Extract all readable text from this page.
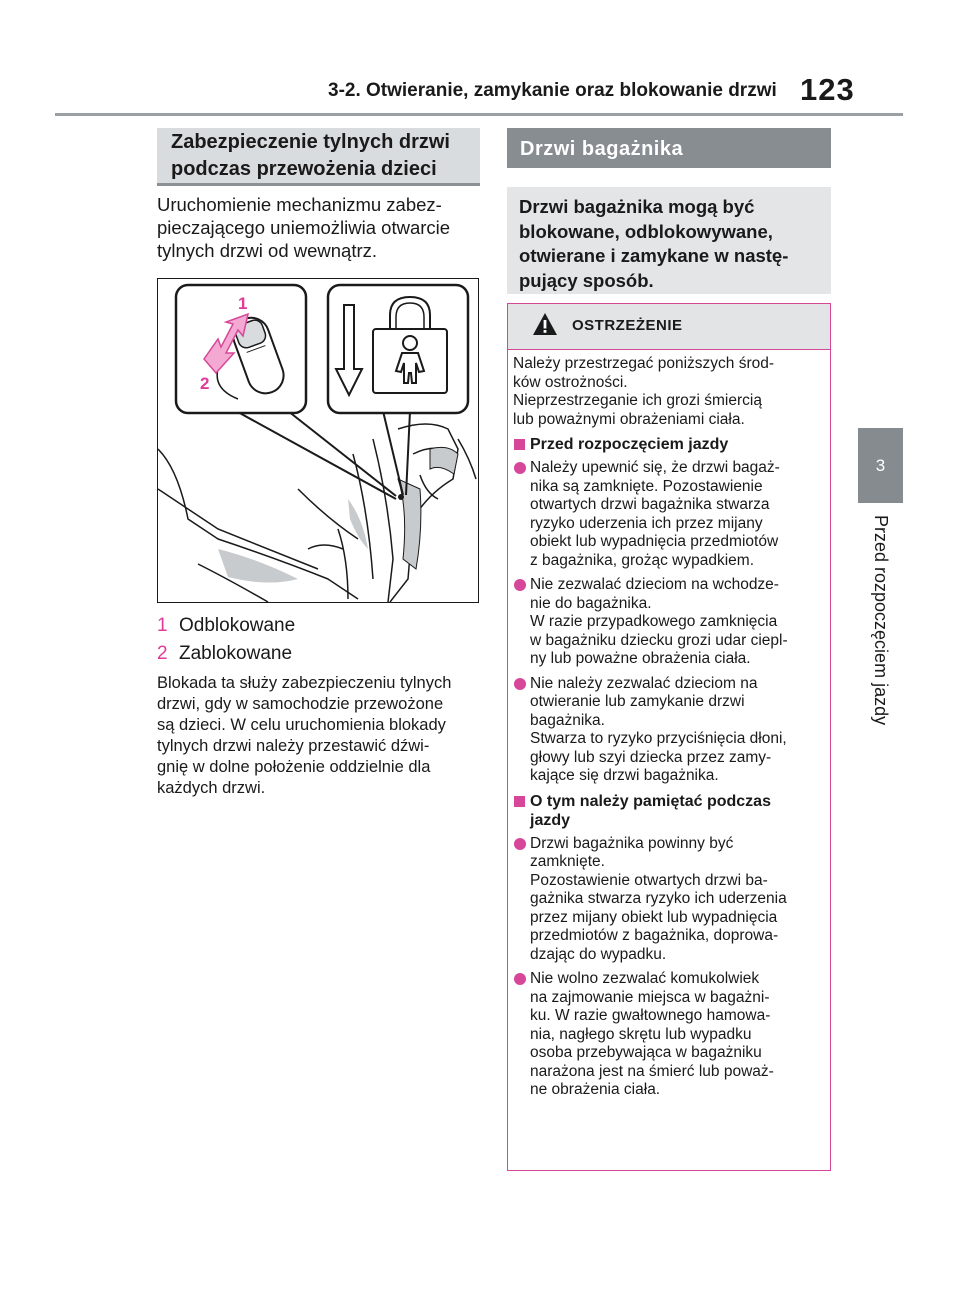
3-2. Otwieranie, zamykanie oraz blokowanie drzwi 123
3
Przed rozpoczęciem jazdy
Zabezpieczenie tylnych drzwi
podczas przewożenia dzieci
Uruchomienie mechanizmu zabez-
pieczającego uniemożliwia otwarcie
tylnych drzwi od wewnątrz.
1
2
1 Odblokowane
2 Zablokowane
Blokada ta służy zabezpieczeniu tylnych
drzwi, gdy w samochodzie przewożone
są dzieci. W celu uruchomienia blokady
tylnych drzwi należy przestawić dźwi-
gnię w dolne położenie oddzielnie dla
każdych drzwi.
Drzwi bagażnika
Drzwi bagażnika mogą być
blokowane, odblokowywane,
otwierane i zamykane w nastę-
pujący sposób.
OSTRZEŻENIE
Należy przestrzegać poniższych środ-
ków ostrożności.
Nieprzestrzeganie ich grozi śmiercią
lub poważnymi obrażeniami ciała.
Przed rozpoczęciem jazdy
Należy upewnić się, że drzwi bagaż-
nika są zamknięte. Pozostawienie
otwartych drzwi bagażnika stwarza
ryzyko uderzenia ich przez mijany
obiekt lub wypadnięcia przedmiotów
z bagażnika, grożąc wypadkiem.
Nie zezwalać dzieciom na wchodze-
nie do bagażnika.
W razie przypadkowego zamknięcia
w bagażniku dziecku grozi udar ciepl-
ny lub poważne obrażenia ciała.
Nie należy zezwalać dzieciom na
otwieranie lub zamykanie drzwi
bagażnika.
Stwarza to ryzyko przyciśnięcia dłoni,
głowy lub szyi dziecka przez zamy-
kające się drzwi bagażnika.
O tym należy pamiętać podczas
jazdy
Drzwi bagażnika powinny być
zamknięte.
Pozostawienie otwartych drzwi ba-
gażnika stwarza ryzyko ich uderzenia
przez mijany obiekt lub wypadnięcia
przedmiotów z bagażnika, doprowa-
dzając do wypadku.
Nie wolno zezwalać komukolwiek
na zajmowanie miejsca w bagażni-
ku. W razie gwałtownego hamowa-
nia, nagłego skrętu lub wypadku
osoba przebywająca w bagażniku
narażona jest na śmierć lub poważ-
ne obrażenia ciała.
